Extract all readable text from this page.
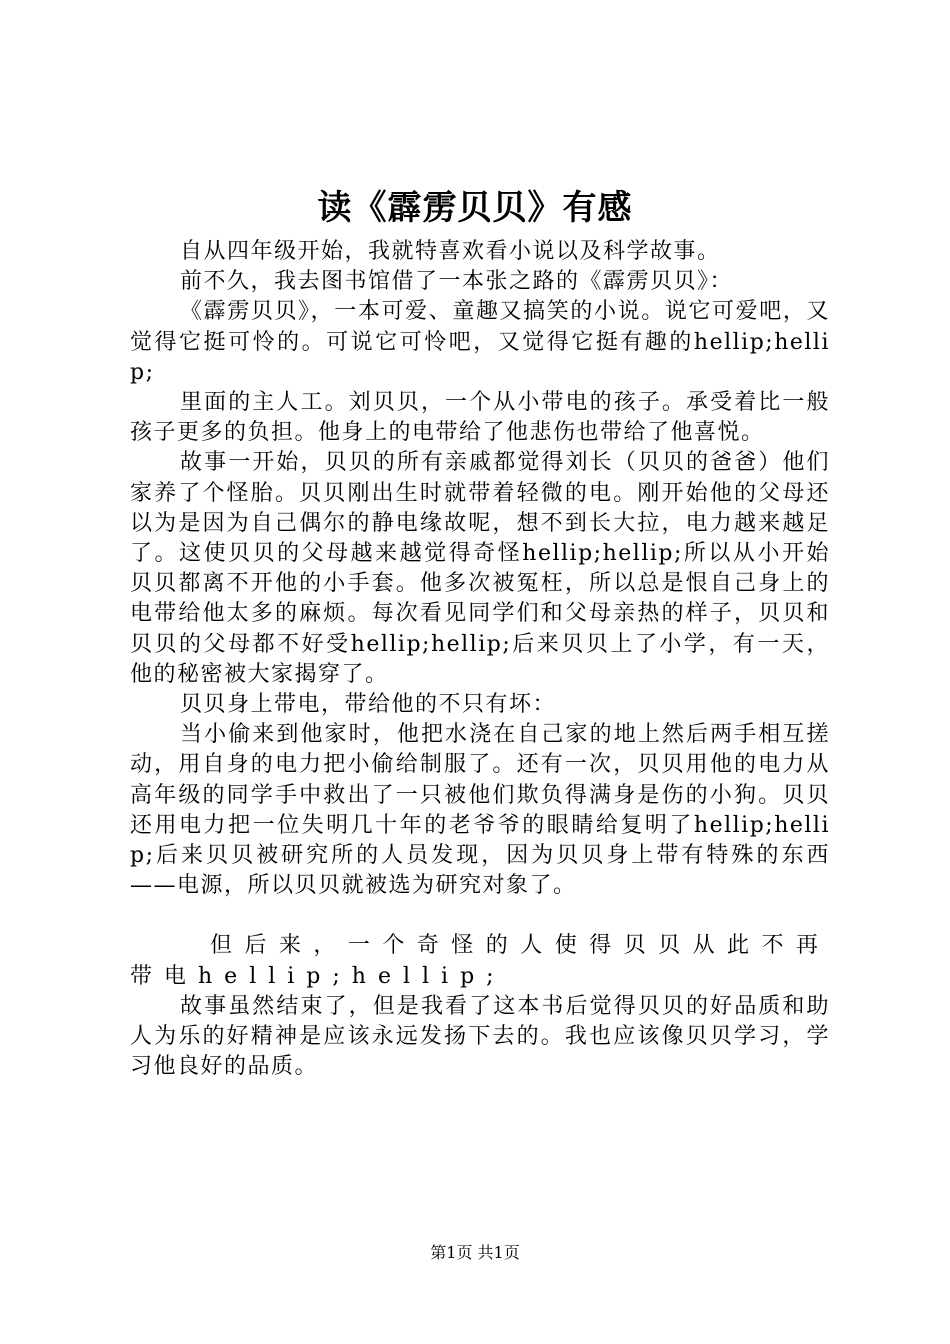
读《霹雳贝贝》有感

自从四年级开始，我就特喜欢看小说以及科学故事。

前不久，我去图书馆借了一本张之路的《霹雳贝贝》：

《霹雳贝贝》，一本可爱、童趣又搞笑的小说。说它可爱吧，又觉得它挺可怜的。可说它可怜吧，又觉得它挺有趣的hellip;hellip;

里面的主人工。刘贝贝，一个从小带电的孩子。承受着比一般孩子更多的负担。他身上的电带给了他悲伤也带给了他喜悦。

故事一开始，贝贝的所有亲戚都觉得刘长（贝贝的爸爸）他们家养了个怪胎。贝贝刚出生时就带着轻微的电。刚开始他的父母还以为是因为自己偶尔的静电缘故呢，想不到长大拉，电力越来越足了。这使贝贝的父母越来越觉得奇怪hellip;hellip;所以从小开始贝贝都离不开他的小手套。他多次被冤枉，所以总是恨自己身上的电带给他太多的麻烦。每次看见同学们和父母亲热的样子，贝贝和贝贝的父母都不好受hellip;hellip;后来贝贝上了小学，有一天，他的秘密被大家揭穿了。

贝贝身上带电，带给他的不只有坏：

当小偷来到他家时，他把水浇在自己家的地上然后两手相互搓动，用自身的电力把小偷给制服了。还有一次，贝贝用他的电力从高年级的同学手中救出了一只被他们欺负得满身是伤的小狗。贝贝还用电力把一位失明几十年的老爷爷的眼睛给复明了hellip;hellip;后来贝贝被研究所的人员发现，因为贝贝身上带有特殊的东西——电源，所以贝贝就被选为研究对象了。

但后来，一个奇怪的人使得贝贝从此不再带电hellip;hellip;

故事虽然结束了，但是我看了这本书后觉得贝贝的好品质和助人为乐的好精神是应该永远发扬下去的。我也应该像贝贝学习，学习他良好的品质。

第1页 共1页
